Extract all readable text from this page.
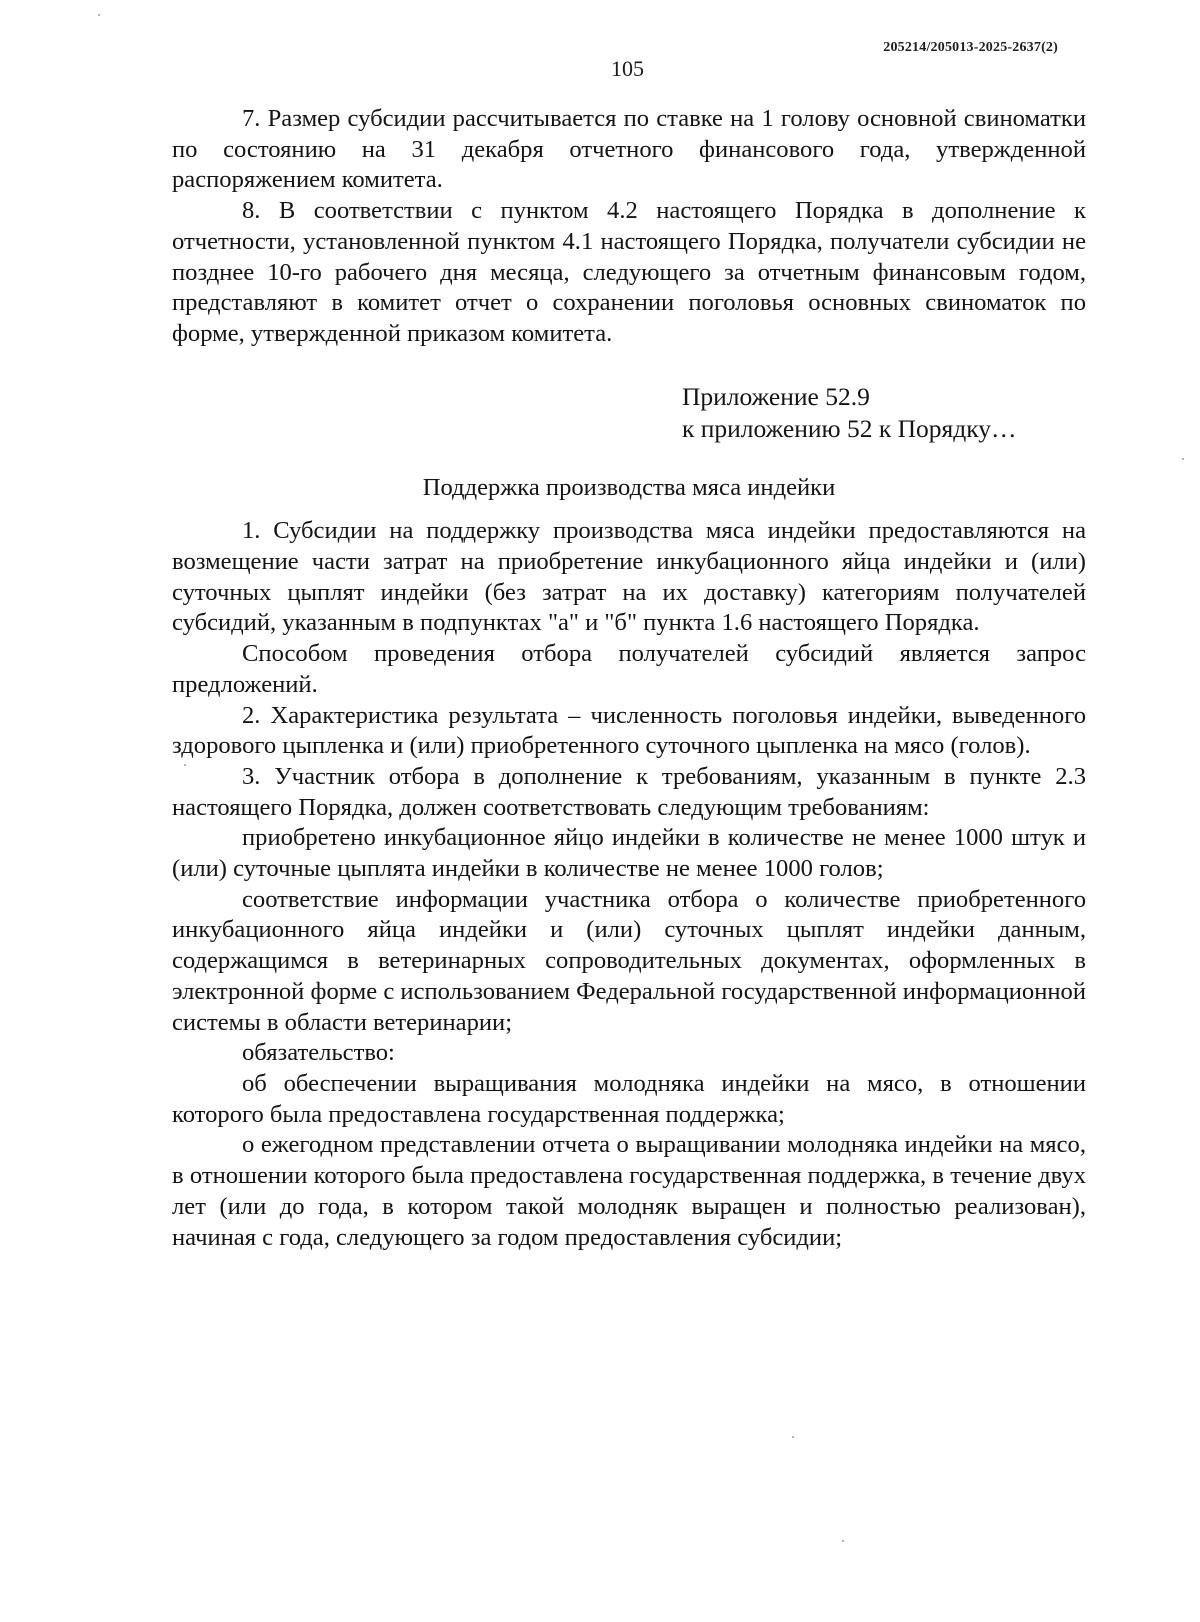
205214/205013-2025-2637(2)
105

7. Размер субсидии рассчитывается по ставке на 1 голову основной свиноматки по состоянию на 31 декабря отчетного финансового года, утвержденной распоряжением комитета.

8. В соответствии с пунктом 4.2 настоящего Порядка в дополнение к отчетности, установленной пунктом 4.1 настоящего Порядка, получатели субсидии не позднее 10-го рабочего дня месяца, следующего за отчетным финансовым годом, представляют в комитет отчет о сохранении поголовья основных свиноматок по форме, утвержденной приказом комитета.

Приложение 52.9
к приложению 52 к Порядку…

Поддержка производства мяса индейки

1. Субсидии на поддержку производства мяса индейки предоставляются на возмещение части затрат на приобретение инкубационного яйца индейки и (или) суточных цыплят индейки (без затрат на их доставку) категориям получателей субсидий, указанным в подпунктах "а" и "б" пункта 1.6 настоящего Порядка.

Способом проведения отбора получателей субсидий является запрос предложений.

2. Характеристика результата – численность поголовья индейки, выведенного здорового цыпленка и (или) приобретенного суточного цыпленка на мясо (голов).

3. Участник отбора в дополнение к требованиям, указанным в пункте 2.3 настоящего Порядка, должен соответствовать следующим требованиям:

приобретено инкубационное яйцо индейки в количестве не менее 1000 штук и (или) суточные цыплята индейки в количестве не менее 1000 голов;

соответствие информации участника отбора о количестве приобретенного инкубационного яйца индейки и (или) суточных цыплят индейки данным, содержащимся в ветеринарных сопроводительных документах, оформленных в электронной форме с использованием Федеральной государственной информационной системы в области ветеринарии;

обязательство:

об обеспечении выращивания молодняка индейки на мясо, в отношении которого была предоставлена государственная поддержка;

о ежегодном представлении отчета о выращивании молодняка индейки на мясо, в отношении которого была предоставлена государственная поддержка, в течение двух лет (или до года, в котором такой молодняк выращен и полностью реализован), начиная с года, следующего за годом предоставления субсидии;
